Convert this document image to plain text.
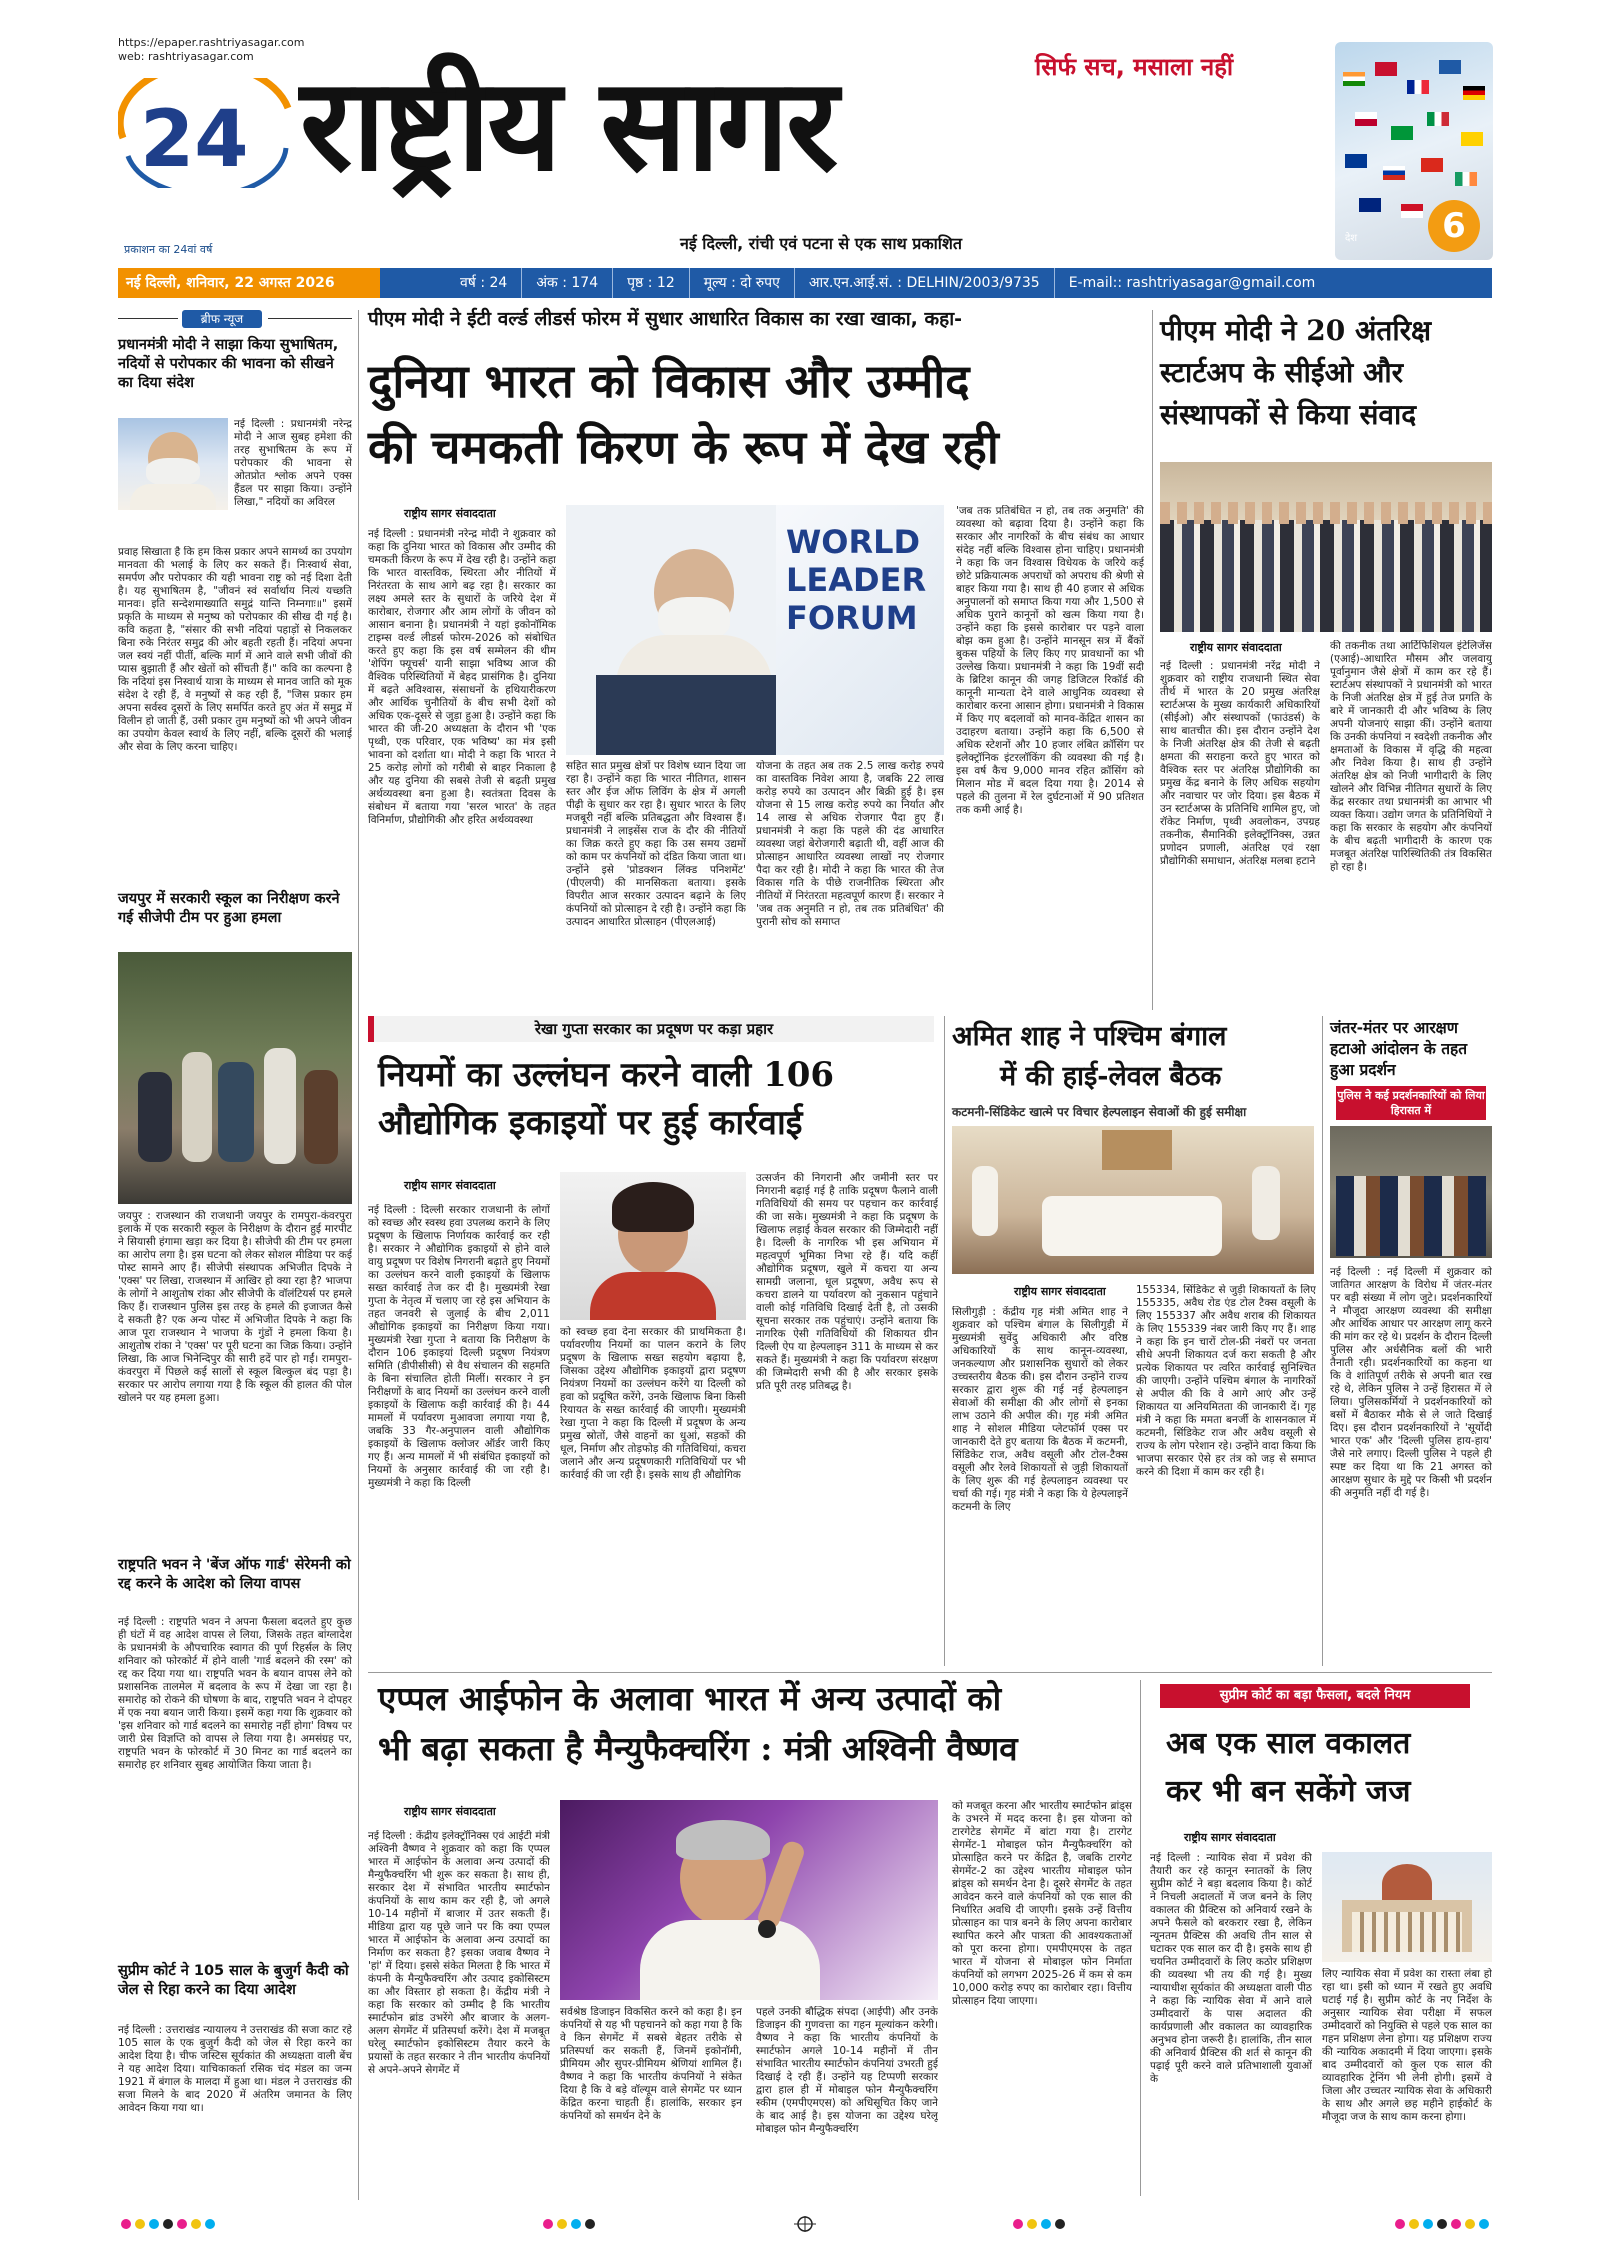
https://epaper.rashtriyasagar.com
web: rashtriyasagar.com
24 राष्ट्रीय सागर	सिर्फ सच, मसाला नहीं
नई दिल्ली, रांची एवं पटना से एक साथ प्रकाशित
प्रकाशन का 24वां वर्ष
6
देश
नई दिल्ली, शनिवार, 22 अगस्त 2026	वर्ष : 24	अंक : 174	पृष्ठ : 12	मूल्य : दो रुपए	आर.एन.आई.सं. : DELHIN/2003/9735	E-mail:: rashtriyasagar@gmail.com
ब्रीफ न्यूज
प्रधानमंत्री मोदी ने साझा किया सुभाषितम, नदियों से परोपकार की भावना को सीखने का दिया संदेश
नई दिल्ली : प्रधानमंत्री नरेन्द्र मोदी ने आज सुबह हमेशा की तरह सुभाषितम के रूप में परोपकार की भावना से ओतप्रोत श्लोक अपने एक्स हैंडल पर साझा किया। उन्होंने लिखा," नदियों का अविरल
प्रवाह सिखाता है कि हम किस प्रकार अपने सामर्थ्य का उपयोग मानवता की भलाई के लिए कर सकते हैं। निःस्वार्थ सेवा, समर्पण और परोपकार की यही भावना राष्ट्र को नई दिशा देती है। यह सुभाषितम है, "जीवनं स्वं सर्वार्थाय नित्यं यच्छति मानवः। इति सन्देशमाख्याति समुद्रं यान्ति निम्नगाः॥" इसमें प्रकृति के माध्यम से मनुष्य को परोपकार की सीख दी गई है। कवि कहता है, "संसार की सभी नदियां पहाड़ों से निकलकर बिना रुके निरंतर समुद्र की ओर बहती रहती हैं। नदियां अपना जल स्वयं नहीं पीतीं, बल्कि मार्ग में आने वाले सभी जीवों की प्यास बुझाती हैं और खेतों को सींचती हैं।" कवि का कल्पना है कि नदियां इस निस्वार्थ यात्रा के माध्यम से मानव जाति को मूक संदेश दे रही हैं, वे मनुष्यों से कह रही हैं, "जिस प्रकार हम अपना सर्वस्व दूसरों के लिए समर्पित करते हुए अंत में समुद्र में विलीन हो जाती हैं, उसी प्रकार तुम मनुष्यों को भी अपने जीवन का उपयोग केवल स्वार्थ के लिए नहीं, बल्कि दूसरों की भलाई और सेवा के लिए करना चाहिए।
जयपुर में सरकारी स्कूल का निरीक्षण करने गई सीजेपी टीम पर हुआ हमला
जयपुर : राजस्थान की राजधानी जयपुर के रामपुरा-कंवरपुरा इलाके में एक सरकारी स्कूल के निरीक्षण के दौरान हुई मारपीट ने सियासी हंगामा खड़ा कर दिया है। सीजेपी की टीम पर हमला का आरोप लगा है। इस घटना को लेकर सोशल मीडिया पर कई पोस्ट सामने आए हैं। सीजेपी संस्थापक अभिजीत दिपके ने 'एक्स' पर लिखा, राजस्थान में आखिर हो क्या रहा है? भाजपा के लोगों ने आशुतोष रांका और सीजेपी के वॉलंटियर्स पर हमले किए हैं। राजस्थान पुलिस इस तरह के हमले की इजाजत कैसे दे सकती है? एक अन्य पोस्ट में अभिजीत दिपके ने कहा कि आज पूरा राजस्थान ने भाजपा के गुंडों ने हमला किया है। आशुतोष रांका ने 'एक्स' पर पूरी घटना का जिक्र किया। उन्होंने लिखा, कि आज भिनेन्दिपुर की सारी हदें पार हो गईं। रामपुरा-कंवरपुरा में पिछले कई सालों से स्कूल बिल्कुल बंद पड़ा है। सरकार पर आरोप लगाया गया है कि स्कूल की हालत की पोल खोलने पर यह हमला हुआ।
राष्ट्रपति भवन ने 'बेंज ऑफ गार्ड' सेरेमनी को रद्द करने के आदेश को लिया वापस
नई दिल्ली : राष्ट्रपति भवन ने अपना फैसला बदलते हुए कुछ ही घंटों में वह आदेश वापस ले लिया, जिसके तहत बांग्लादेश के प्रधानमंत्री के औपचारिक स्वागत की पूर्ण रिहर्सल के लिए शनिवार को फोरकोर्ट में होने वाली 'गार्ड बदलने की रस्म' को रद्द कर दिया गया था। राष्ट्रपति भवन के बयान वापस लेने को प्रशासनिक तालमेल में बदलाव के रूप में देखा जा रहा है। समारोह को रोकने की घोषणा के बाद, राष्ट्रपति भवन ने दोपहर में एक नया बयान जारी किया। इसमें कहा गया कि शुक्रवार को 'इस शनिवार को गार्ड बदलने का समारोह नहीं होगा' विषय पर जारी प्रेस विज्ञप्ति को वापस ले लिया गया है। अमसंग्रह पर, राष्ट्रपति भवन के फोरकोर्ट में 30 मिनट का गार्ड बदलने का समारोह हर शनिवार सुबह आयोजित किया जाता है।
सुप्रीम कोर्ट ने 105 साल के बुजुर्ग कैदी को जेल से रिहा करने का दिया आदेश
नई दिल्ली : उत्तराखंड न्यायालय ने उत्तराखंड की सजा काट रहे 105 साल के एक बुजुर्ग कैदी को जेल से रिहा करने का आदेश दिया है। चीफ जस्टिस सूर्यकांत की अध्यक्षता वाली बेंच ने यह आदेश दिया। याचिकाकर्ता रसिक चंद मंडल का जन्म 1921 में बंगाल के मालदा में हुआ था। मंडल ने उत्तराखंड की सजा मिलने के बाद 2020 में अंतरिम जमानत के लिए आवेदन किया गया था।
पीएम मोदी ने ईटी वर्ल्ड लीडर्स फोरम में सुधार आधारित विकास का रखा खाका, कहा-
दुनिया भारत को विकास और उम्मीद
की चमकती किरण के रूप में देख रही
राष्ट्रीय सागर संवाददाता
नई दिल्ली : प्रधानमंत्री नरेन्द्र मोदी ने शुक्रवार को कहा कि दुनिया भारत को विकास और उम्मीद की चमकती किरण के रूप में देख रही है। उन्होंने कहा कि भारत वास्तविक, स्थिरता और नीतियों में निरंतरता के साथ आगे बढ़ रहा है। सरकार का लक्ष्य अमले स्तर के सुधारों के जरिये देश में कारोबार, रोजगार और आम लोगों के जीवन को आसान बनाना है। प्रधानमंत्री ने यहां इकोनॉमिक टाइम्स वर्ल्ड लीडर्स फोरम-2026 को संबोधित करते हुए कहा कि इस वर्ष सम्मेलन की थीम 'शेपिंग फ्यूचर्स' यानी साझा भविष्य आज की वैश्विक परिस्थितियों में बेहद प्रासंगिक है। दुनिया में बढ़ते अविश्वास, संसाधनों के हथियारीकरण और आर्थिक चुनौतियों के बीच सभी देशों को अधिक एक-दूसरे से जुड़ा हुआ है। उन्होंने कहा कि भारत की जी-20 अध्यक्षता के दौरान भी 'एक पृथ्वी, एक परिवार, एक भविष्य' का मंत्र इसी भावना को दर्शाता था। मोदी ने कहा कि भारत ने 25 करोड़ लोगों को गरीबी से बाहर निकाला है और यह दुनिया की सबसे तेजी से बढ़ती प्रमुख अर्थव्यवस्था बना हुआ है। स्वतंत्रता दिवस के संबोधन में बताया गया 'सरल भारत' के तहत विनिर्माण, प्रौद्योगिकी और हरित अर्थव्यवस्था
WORLD LEADER FORUM
सहित सात प्रमुख क्षेत्रों पर विशेष ध्यान दिया जा रहा है। उन्होंने कहा कि भारत नीतिगत, शासन स्तर और ईज ऑफ लिविंग के क्षेत्र में अगली पीढ़ी के सुधार कर रहा है। सुधार भारत के लिए मजबूरी नहीं बल्कि प्रतिबद्धता और विश्वास हैं। प्रधानमंत्री ने लाइसेंस राज के दौर की नीतियों का जिक्र करते हुए कहा कि उस समय उद्यमों को काम पर कंपनियों को दंडित किया जाता था। उन्होंने इसे 'प्रोडक्शन लिंक्ड पनिशमेंट' (पीएलपी) की मानसिकता बताया। इसके विपरीत आज सरकार उत्पादन बढ़ाने के लिए कंपनियों को प्रोत्साहन दे रही है। उन्होंने कहा कि उत्पादन आधारित प्रोत्साहन (पीएलआई)
योजना के तहत अब तक 2.5 लाख करोड़ रुपये का वास्तविक निवेश आया है, जबकि 22 लाख करोड़ रुपये का उत्पादन और बिक्री हुई है। इस योजना से 15 लाख करोड़ रुपये का निर्यात और 14 लाख से अधिक रोजगार पैदा हुए हैं। प्रधानमंत्री ने कहा कि पहले की दंड आधारित व्यवस्था जहां बेरोजगारी बढ़ाती थी, वहीं आज की प्रोत्साहन आधारित व्यवस्था लाखों नए रोजगार पैदा कर रही है। मोदी ने कहा कि भारत की तेज विकास गति के पीछे राजनीतिक स्थिरता और नीतियों में निरंतरता महत्वपूर्ण कारण हैं। सरकार ने 'जब तक अनुमति न हो, तब तक प्रतिबंधित' की पुरानी सोच को समाप्त
'जब तक प्रतिबंधित न हो, तब तक अनुमति' की व्यवस्था को बढ़ावा दिया है। उन्होंने कहा कि सरकार और नागरिकों के बीच संबंध का आधार संदेह नहीं बल्कि विश्वास होना चाहिए। प्रधानमंत्री ने कहा कि जन विश्वास विधेयक के जरिये कई छोटे प्रक्रियात्मक अपराधों को अपराध की श्रेणी से बाहर किया गया है। साथ ही 40 हजार से अधिक अनुपालनों को समाप्त किया गया और 1,500 से अधिक पुराने कानूनों को खत्म किया गया है। उन्होंने कहा कि इससे कारोबार पर पड़ने वाला बोझ कम हुआ है। उन्होंने मानसून सत्र में बैंकों बुकस पहियों के लिए किए गए प्रावधानों का भी उल्लेख किया। प्रधानमंत्री ने कहा कि 19वीं सदी के ब्रिटिश कानून की जगह डिजिटल रिकॉर्ड की कानूनी मान्यता देने वाले आधुनिक व्यवस्था से कारोबार करना आसान होगा। प्रधानमंत्री ने विकास में किए गए बदलावों को मानव-केंद्रित शासन का उदाहरण बताया। उन्होंने कहा कि 6,500 से अधिक स्टेशनों और 10 हजार लंबित क्रॉसिंग पर इलेक्ट्रॉनिक इंटरलॉकिंग की व्यवस्था की गई है। इस वर्ष कैच 9,000 मानव रहित क्रॉसिंग को मिलान मोड में बदल दिया गया है। 2014 से पहले की तुलना में रेल दुर्घटनाओं में 90 प्रतिशत तक कमी आई है।
पीएम मोदी ने 20 अंतरिक्ष स्टार्टअप के सीईओ और संस्थापकों से किया संवाद
राष्ट्रीय सागर संवाददाता
नई दिल्ली : प्रधानमंत्री नरेंद्र मोदी ने शुक्रवार को राष्ट्रीय राजधानी स्थित सेवा तीर्थ में भारत के 20 प्रमुख अंतरिक्ष स्टार्टअप्स के मुख्य कार्यकारी अधिकारियों (सीईओ) और संस्थापकों (फाउंडर्स) के साथ बातचीत की। इस दौरान उन्होंने देश के निजी अंतरिक्ष क्षेत्र की तेजी से बढ़ती क्षमता की सराहना करते हुए भारत को वैश्विक स्तर पर अंतरिक्ष प्रौद्योगिकी का प्रमुख केंद्र बनाने के लिए अधिक सहयोग और नवाचार पर जोर दिया। इस बैठक में उन स्टार्टअप्स के प्रतिनिधि शामिल हुए, जो रॉकेट निर्माण, पृथ्वी अवलोकन, उपग्रह तकनीक, सैमानिकी इलेक्ट्रॉनिक्स, उन्नत प्रणोदन प्रणाली, अंतरिक्ष एवं रक्षा प्रौद्योगिकी समाधान, अंतरिक्ष मलबा हटाने
की तकनीक तथा आर्टिफिशियल इंटेलिजेंस (एआई)-आधारित मौसम और जलवायु पूर्वानुमान जैसे क्षेत्रों में काम कर रहे हैं। स्टार्टअप संस्थापकों ने प्रधानमंत्री को भारत के निजी अंतरिक्ष क्षेत्र में हुई तेज प्रगति के बारे में जानकारी दी और भविष्य के लिए अपनी योजनाएं साझा कीं। उन्होंने बताया कि उनकी कंपनियां न स्वदेशी तकनीक और क्षमताओं के विकास में वृद्धि की महत्वा और निवेश किया है। साथ ही उन्होंने अंतरिक्ष क्षेत्र को निजी भागीदारी के लिए खोलने और विभिन्न नीतिगत सुधारों के लिए केंद्र सरकार तथा प्रधानमंत्री का आभार भी व्यक्त किया। उद्योग जगत के प्रतिनिधियों ने कहा कि सरकार के सहयोग और कंपनियों के बीच बढ़ती भागीदारी के कारण एक मजबूत अंतरिक्ष पारिस्थितिकी तंत्र विकसित हो रहा है।
रेखा गुप्ता सरकार का प्रदूषण पर कड़ा प्रहार
नियमों का उल्लंघन करने वाली 106
औद्योगिक इकाइयों पर हुई कार्रवाई
राष्ट्रीय सागर संवाददाता
नई दिल्ली : दिल्ली सरकार राजधानी के लोगों को स्वच्छ और स्वस्थ हवा उपलब्ध कराने के लिए प्रदूषण के खिलाफ निर्णायक कार्रवाई कर रही है। सरकार ने औद्योगिक इकाइयों से होने वाले वायु प्रदूषण पर विशेष निगरानी बढ़ाते हुए नियमों का उल्लंघन करने वाली इकाइयों के खिलाफ सख्त कार्रवाई तेज कर दी है। मुख्यमंत्री रेखा गुप्ता के नेतृत्व में चलाए जा रहे इस अभियान के तहत जनवरी से जुलाई के बीच 2,011 औद्योगिक इकाइयों का निरीक्षण किया गया। मुख्यमंत्री रेखा गुप्ता ने बताया कि निरीक्षण के दौरान 106 इकाइयां दिल्ली प्रदूषण नियंत्रण समिति (डीपीसीसी) से वैध संचालन की सहमति के बिना संचालित होती मिलीं। सरकार ने इन निरीक्षणों के बाद नियमों का उल्लंघन करने वाली इकाइयों के खिलाफ कड़ी कार्रवाई की है। 44 मामलों में पर्यावरण मुआवजा लगाया गया है, जबकि 33 गैर-अनुपालन वाली औद्योगिक इकाइयों के खिलाफ क्लोजर ऑर्डर जारी किए गए हैं। अन्य मामलों में भी संबंधित इकाइयों को नियमों के अनुसार कार्रवाई की जा रही है। मुख्यमंत्री ने कहा कि दिल्ली
को स्वच्छ हवा देना सरकार की प्राथमिकता है। पर्यावरणीय नियमों का पालन कराने के लिए प्रदूषण के खिलाफ सख्त सहयोग बढ़ाया है, जिसका उद्देश्य औद्योगिक इकाइयों द्वारा प्रदूषण नियंत्रण नियमों का उल्लंघन करेंगे या दिल्ली को हवा को प्रदूषित करेंगे, उनके खिलाफ बिना किसी रियायत के सख्त कार्रवाई की जाएगी। मुख्यमंत्री रेखा गुप्ता ने कहा कि दिल्ली में प्रदूषण के अन्य प्रमुख स्रोतों, जैसे वाहनों का धुआं, सड़कों की धूल, निर्माण और तोड़फोड़ की गतिविधियां, कचरा जलाने और अन्य प्रदूषणकारी गतिविधियों पर भी कार्रवाई की जा रही है। इसके साथ ही औद्योगिक
उत्सर्जन की निगरानी और जमीनी स्तर पर निगरानी बढ़ाई गई है ताकि प्रदूषण फैलाने वाली गतिविधियों की समय पर पहचान कर कार्रवाई की जा सके। मुख्यमंत्री ने कहा कि प्रदूषण के खिलाफ लड़ाई केवल सरकार की जिम्मेदारी नहीं है। दिल्ली के नागरिक भी इस अभियान में महत्वपूर्ण भूमिका निभा रहे हैं। यदि कहीं औद्योगिक प्रदूषण, खुले में कचरा या अन्य सामग्री जलाना, धूल प्रदूषण, अवैध रूप से कचरा डालने या पर्यावरण को नुकसान पहुंचाने वाली कोई गतिविधि दिखाई देती है, तो उसकी सूचना सरकार तक पहुंचाएं। उन्होंने बताया कि नागरिक ऐसी गतिविधियों की शिकायत ग्रीन दिल्ली ऐप या हेल्पलाइन 311 के माध्यम से कर सकते हैं। मुख्यमंत्री ने कहा कि पर्यावरण संरक्षण की जिम्मेदारी सभी की है और सरकार इसके प्रति पूरी तरह प्रतिबद्ध है।
अमित शाह ने पश्चिम बंगाल
में की हाई-लेवल बैठक
कटमनी-सिंडिकेट खात्मे पर विचार हेल्पलाइन सेवाओं की हुई समीक्षा
राष्ट्रीय सागर संवाददाता
सिलीगुड़ी : केंद्रीय गृह मंत्री अमित शाह ने शुक्रवार को पश्चिम बंगाल के सिलीगुड़ी में मुख्यमंत्री सुवेंदु अधिकारी और वरिष्ठ अधिकारियों के साथ कानून-व्यवस्था, जनकल्याण और प्रशासनिक सुधारों को लेकर उच्चस्तरीय बैठक की। इस दौरान उन्होंने राज्य सरकार द्वारा शुरू की गई नई हेल्पलाइन सेवाओं की समीक्षा की और लोगों से इनका लाभ उठाने की अपील की। गृह मंत्री अमित शाह ने सोशल मीडिया प्लेटफॉर्म एक्स पर जानकारी देते हुए बताया कि बैठक में कटमनी, सिंडिकेट राज, अवैध वसूली और टोल-टैक्स वसूली और रेलवे शिकायतों से जुड़ी शिकायतों के लिए शुरू की गई हेल्पलाइन व्यवस्था पर चर्चा की गई। गृह मंत्री ने कहा कि ये हेल्पलाइनें कटमनी के लिए
155334, सिंडिकेट से जुड़ी शिकायतों के लिए 155335, अवैध रोड एंड टोल टैक्स वसूली के लिए 155337 और अवैध शराब की शिकायत के लिए 155339 नंबर जारी किए गए हैं। शाह ने कहा कि इन चारों टोल-फ्री नंबरों पर जनता सीधे अपनी शिकायत दर्ज करा सकती है और प्रत्येक शिकायत पर त्वरित कार्रवाई सुनिश्चित की जाएगी। उन्होंने पश्चिम बंगाल के नागरिकों से अपील की कि वे आगे आएं और उन्हें शिकायत या अनियमितता की जानकारी दें। गृह मंत्री ने कहा कि ममता बनर्जी के शासनकाल में कटमनी, सिंडिकेट राज और अवैध वसूली से राज्य के लोग परेशान रहे। उन्होंने वादा किया कि भाजपा सरकार ऐसे हर तंत्र को जड़ से समाप्त करने की दिशा में काम कर रही है।
जंतर-मंतर पर आरक्षण हटाओ आंदोलन के तहत हुआ प्रदर्शन
पुलिस ने कई प्रदर्शनकारियों को लिया हिरासत में
नई दिल्ली : नई दिल्ली में शुक्रवार को जातिगत आरक्षण के विरोध में जंतर-मंतर पर बड़ी संख्या में लोग जुटे। प्रदर्शनकारियों ने मौजूदा आरक्षण व्यवस्था की समीक्षा और आर्थिक आधार पर आरक्षण लागू करने की मांग कर रहे थे। प्रदर्शन के दौरान दिल्ली पुलिस और अर्धसैनिक बलों की भारी तैनाती रही। प्रदर्शनकारियों का कहना था कि वे शांतिपूर्ण तरीके से अपनी बात रख रहे थे, लेकिन पुलिस ने उन्हें हिरासत में ले लिया। पुलिसकर्मियों ने प्रदर्शनकारियों को बसों में बैठाकर मौके से ले जाते दिखाई दिए। इस दौरान प्रदर्शनकारियों ने 'सूर्योदी भारत एक' और 'दिल्ली पुलिस हाय-हाय' जैसे नारे लगाए। दिल्ली पुलिस ने पहले ही स्पष्ट कर दिया था कि 21 अगस्त को आरक्षण सुधार के मुद्दे पर किसी भी प्रदर्शन की अनुमति नहीं दी गई है।
एप्पल आईफोन के अलावा भारत में अन्य उत्पादों को
भी बढ़ा सकता है मैन्युफैक्चरिंग : मंत्री अश्विनी वैष्णव
राष्ट्रीय सागर संवाददाता
नई दिल्ली : केंद्रीय इलेक्ट्रॉनिक्स एवं आईटी मंत्री अश्विनी वैष्णव ने शुक्रवार को कहा कि एप्पल भारत में आईफोन के अलावा अन्य उत्पादों की मैन्युफैक्चरिंग भी शुरू कर सकता है। साथ ही, सरकार देश में संभावित भारतीय स्मार्टफोन कंपनियों के साथ काम कर रही है, जो अगले 10-14 महीनों में बाजार में उतर सकती हैं। मीडिया द्वारा यह पूछे जाने पर कि क्या एप्पल भारत में आईफोन के अलावा अन्य उत्पादों का निर्माण कर सकता है? इसका जवाब वैष्णव ने 'हां' में दिया। इससे संकेत मिलता है कि भारत में कंपनी के मैन्युफैक्चरिंग और उत्पाद इकोसिस्टम का और विस्तार हो सकता है। केंद्रीय मंत्री ने कहा कि सरकार को उम्मीद है कि भारतीय स्मार्टफोन ब्रांड उभरेंगे और बाजार के अलग-अलग सेगमेंट में प्रतिस्पर्धा करेंगे। देश में मजबूत घरेलू स्मार्टफोन इकोसिस्टम तैयार करने के प्रयासों के तहत सरकार ने तीन भारतीय कंपनियों से अपने-अपने सेगमेंट में
सर्वश्रेष्ठ डिजाइन विकसित करने को कहा है। इन कंपनियों से यह भी पहचानने को कहा गया है कि वे किन सेगमेंट में सबसे बेहतर तरीके से प्रतिस्पर्धा कर सकती हैं, जिनमें इकोनॉमी, प्रीमियम और सुपर-प्रीमियम श्रेणियां शामिल हैं। वैष्णव ने कहा कि भारतीय कंपनियों ने संकेत दिया है कि वे बड़े वॉल्यूम वाले सेगमेंट पर ध्यान केंद्रित करना चाहती हैं। हालांकि, सरकार इन कंपनियों को समर्थन देने के
पहले उनकी बौद्धिक संपदा (आईपी) और उनके डिजाइन की गुणवत्ता का गहन मूल्यांकन करेगी। वैष्णव ने कहा कि भारतीय कंपनियों के स्मार्टफोन अगले 10-14 महीनों में तीन संभावित भारतीय स्मार्टफोन कंपनियां उभरती हुई दिखाई दे रही हैं। उन्होंने यह टिप्पणी सरकार द्वारा हाल ही में मोबाइल फोन मैन्युफैक्चरिंग स्कीम (एमपीएमएस) को अधिसूचित किए जाने के बाद आई है। इस योजना का उद्देश्य घरेलू मोबाइल फोन मैन्युफैक्चरिंग
को मजबूत करना और भारतीय स्मार्टफोन ब्रांड्स के उभरने में मदद करना है। इस योजना को टारगेटेड सेगमेंट में बांटा गया है। टारगेट सेगमेंट-1 मोबाइल फोन मैन्युफैक्चरिंग को प्रोत्साहित करने पर केंद्रित है, जबकि टारगेट सेगमेंट-2 का उद्देश्य भारतीय मोबाइल फोन ब्रांड्स को समर्थन देना है। दूसरे सेगमेंट के तहत आवेदन करने वाले कंपनियों को एक साल की निर्धारित अवधि दी जाएगी। इसके उन्हें वित्तीय प्रोत्साहन का पात्र बनने के लिए अपना कारोबार स्थापित करने और पात्रता की आवश्यकताओं को पूरा करना होगा। एमपीएमएस के तहत भारत में योजना से मोबाइल फोन निर्माता कंपनियों को लगभग 2025-26 में कम से कम 10,000 करोड़ रुपए का कारोबार रहा। वित्तीय प्रोत्साहन दिया जाएगा।
सुप्रीम कोर्ट का बड़ा फैसला, बदले नियम
अब एक साल वकालत
कर भी बन सकेंगे जज
राष्ट्रीय सागर संवाददाता
नई दिल्ली : न्यायिक सेवा में प्रवेश की तैयारी कर रहे कानून स्नातकों के लिए सुप्रीम कोर्ट ने बड़ा बदलाव किया है। कोर्ट ने निचली अदालतों में जज बनने के लिए वकालत की प्रैक्टिस को अनिवार्य रखने के अपने फैसले को बरकरार रखा है, लेकिन न्यूनतम प्रैक्टिस की अवधि तीन साल से घटाकर एक साल कर दी है। इसके साथ ही चयनित उम्मीदवारों के लिए कठोर प्रशिक्षण की व्यवस्था भी तय की गई है। मुख्य न्यायाधीश सूर्यकांत की अध्यक्षता वाली पीठ ने कहा कि न्यायिक सेवा में आने वाले उम्मीदवारों के पास अदालत की कार्यप्रणाली और वकालत का व्यावहारिक अनुभव होना जरूरी है। हालांकि, तीन साल की अनिवार्य प्रैक्टिस की शर्त से कानून की पढ़ाई पूरी करने वाले प्रतिभाशाली युवाओं के
लिए न्यायिक सेवा में प्रवेश का रास्ता लंबा हो रहा था। इसी को ध्यान में रखते हुए अवधि घटाई गई है। सुप्रीम कोर्ट के नए निर्देश के अनुसार न्यायिक सेवा परीक्षा में सफल उम्मीदवारों को नियुक्ति से पहले एक साल का गहन प्रशिक्षण लेना होगा। यह प्रशिक्षण राज्य की न्यायिक अकादमी में दिया जाएगा। इसके बाद उम्मीदवारों को कुल एक साल की व्यावहारिक ट्रेनिंग भी लेनी होगी। इसमें वे जिला और उच्चतर न्यायिक सेवा के अधिकारी के साथ और अगले छह महीने हाईकोर्ट के मौजूदा जज के साथ काम करना होगा।
